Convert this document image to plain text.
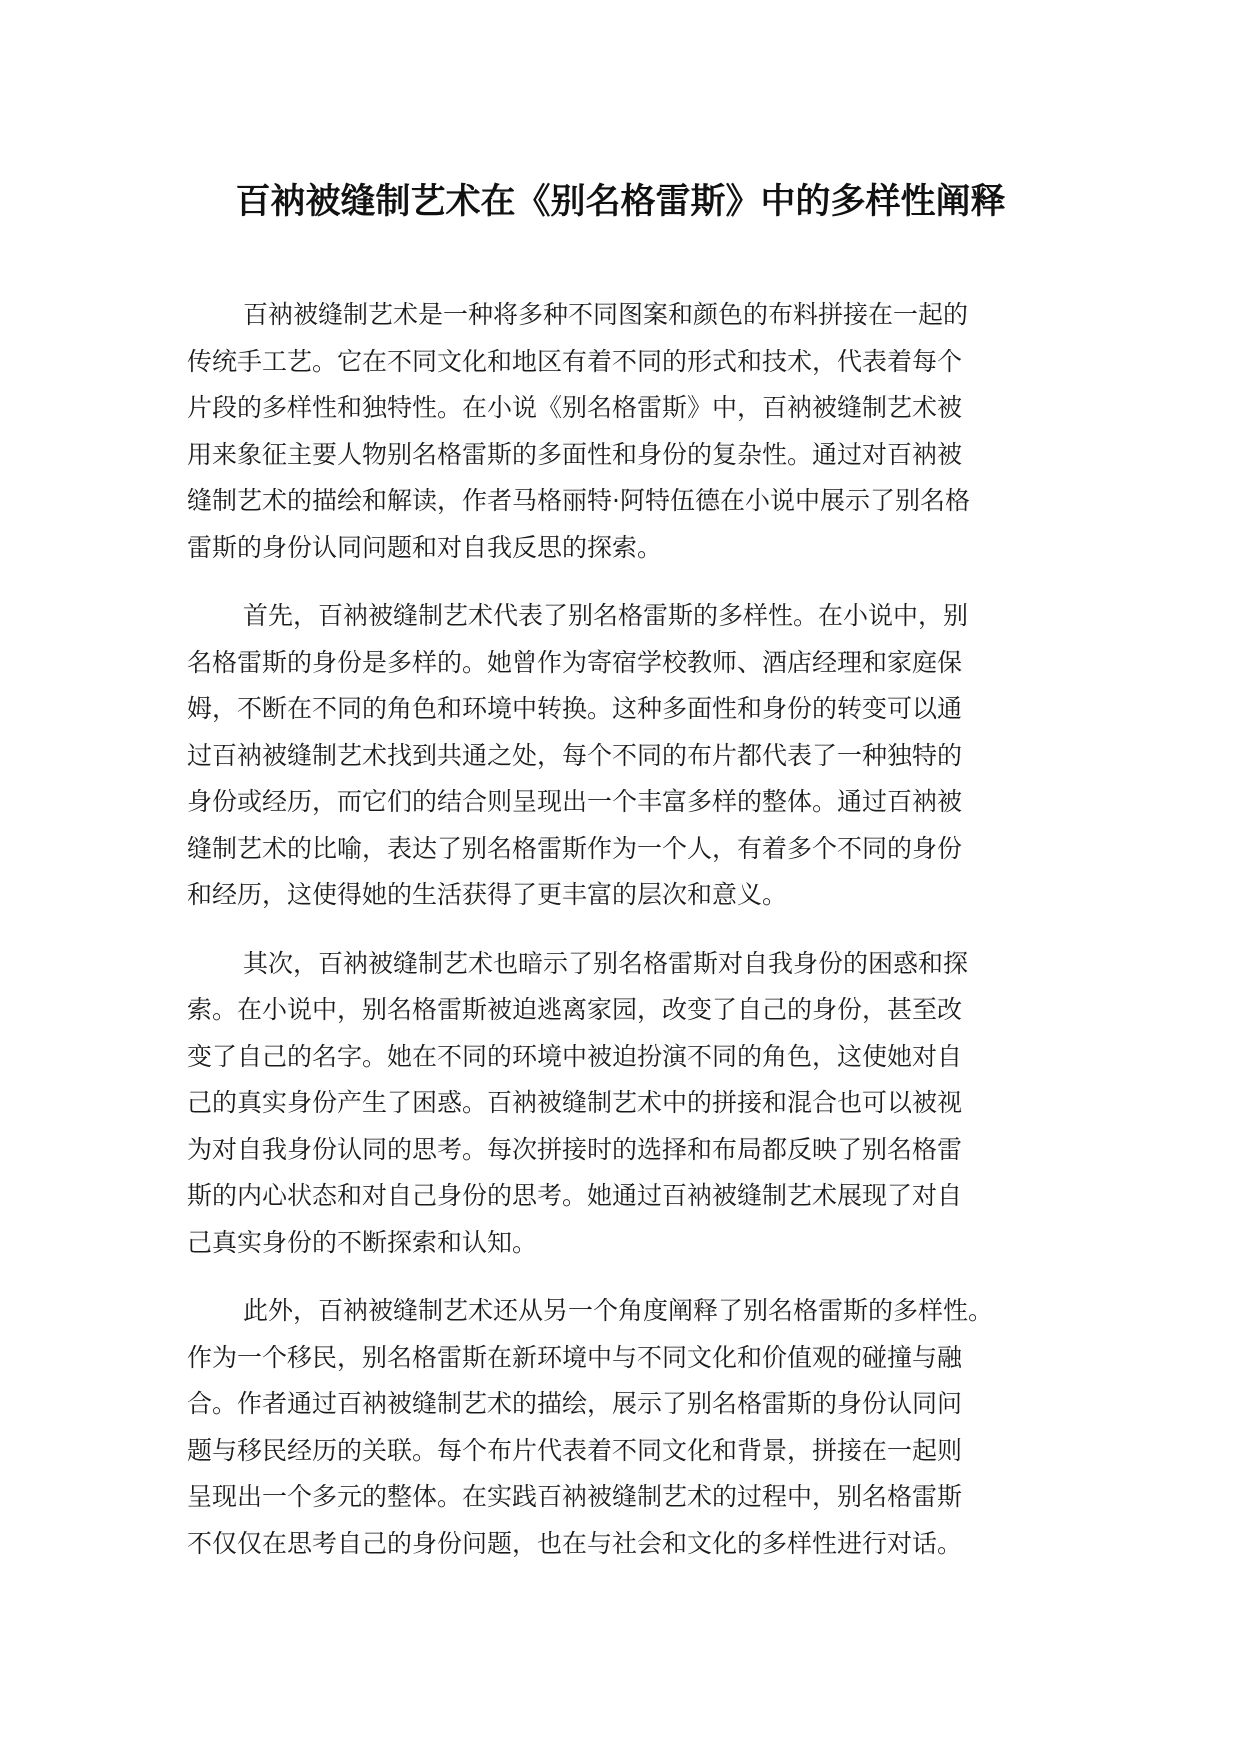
百衲被缝制艺术在《别名格雷斯》中的多样性阐释

百衲被缝制艺术是一种将多种不同图案和颜色的布料拼接在一起的
传统手工艺。它在不同文化和地区有着不同的形式和技术，代表着每个
片段的多样性和独特性。在小说《别名格雷斯》中，百衲被缝制艺术被
用来象征主要人物别名格雷斯的多面性和身份的复杂性。通过对百衲被
缝制艺术的描绘和解读，作者马格丽特·阿特伍德在小说中展示了别名格
雷斯的身份认同问题和对自我反思的探索。

首先，百衲被缝制艺术代表了别名格雷斯的多样性。在小说中，别
名格雷斯的身份是多样的。她曾作为寄宿学校教师、酒店经理和家庭保
姆，不断在不同的角色和环境中转换。这种多面性和身份的转变可以通
过百衲被缝制艺术找到共通之处，每个不同的布片都代表了一种独特的
身份或经历，而它们的结合则呈现出一个丰富多样的整体。通过百衲被
缝制艺术的比喻，表达了别名格雷斯作为一个人，有着多个不同的身份
和经历，这使得她的生活获得了更丰富的层次和意义。

其次，百衲被缝制艺术也暗示了别名格雷斯对自我身份的困惑和探
索。在小说中，别名格雷斯被迫逃离家园，改变了自己的身份，甚至改
变了自己的名字。她在不同的环境中被迫扮演不同的角色，这使她对自
己的真实身份产生了困惑。百衲被缝制艺术中的拼接和混合也可以被视
为对自我身份认同的思考。每次拼接时的选择和布局都反映了别名格雷
斯的内心状态和对自己身份的思考。她通过百衲被缝制艺术展现了对自
己真实身份的不断探索和认知。

此外，百衲被缝制艺术还从另一个角度阐释了别名格雷斯的多样性。
作为一个移民，别名格雷斯在新环境中与不同文化和价值观的碰撞与融
合。作者通过百衲被缝制艺术的描绘，展示了别名格雷斯的身份认同问
题与移民经历的关联。每个布片代表着不同文化和背景，拼接在一起则
呈现出一个多元的整体。在实践百衲被缝制艺术的过程中，别名格雷斯
不仅仅在思考自己的身份问题，也在与社会和文化的多样性进行对话。
